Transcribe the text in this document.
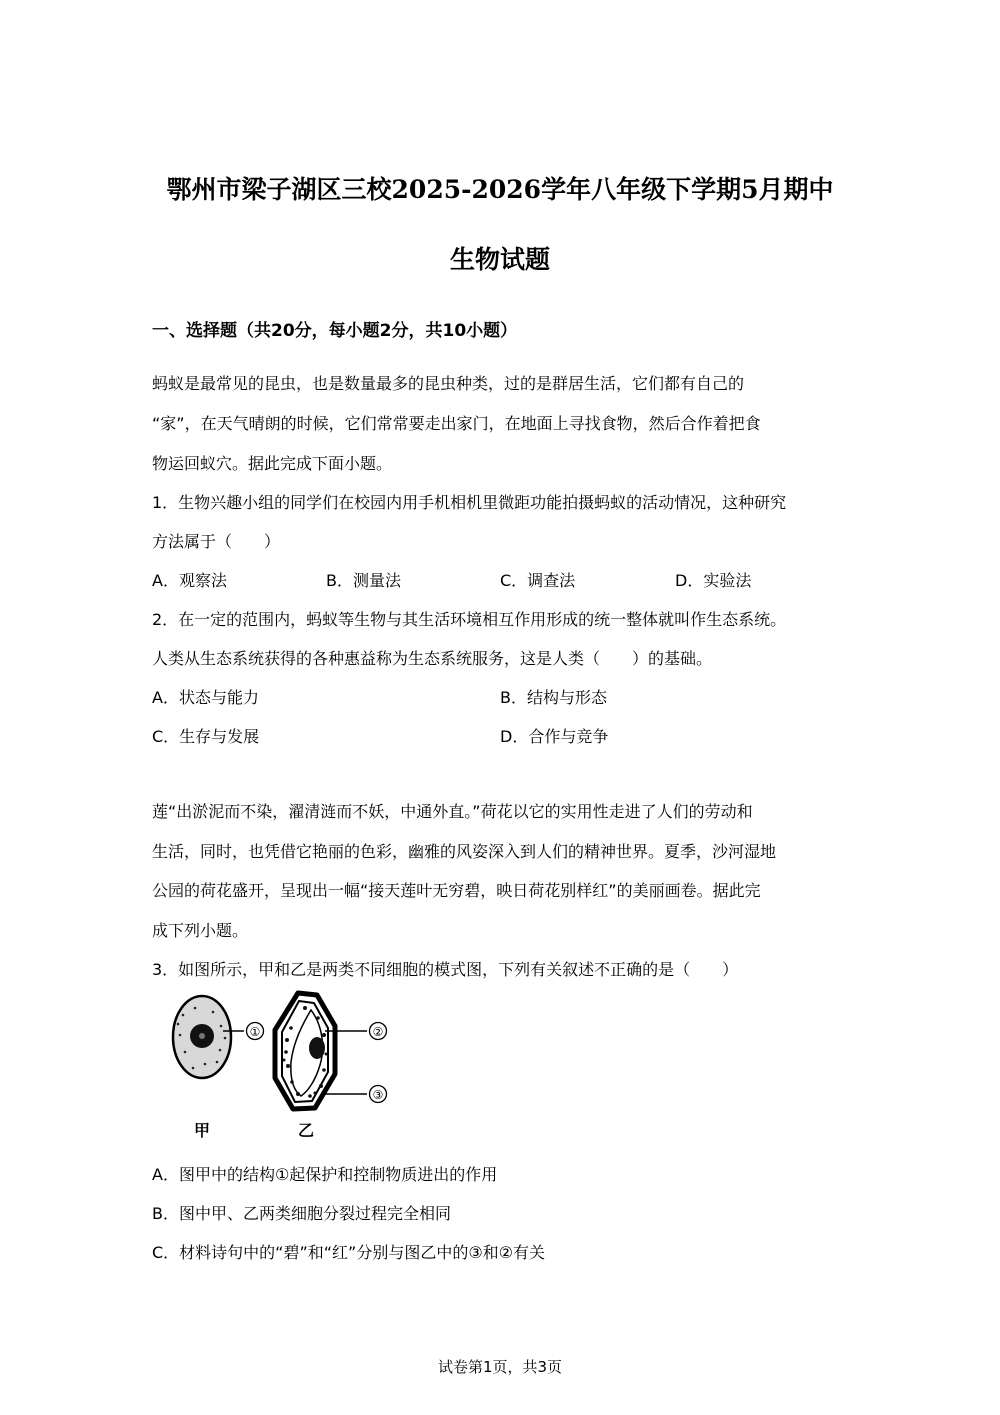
鄂州市梁子湖区三校2025-2026学年八年级下学期5月期中
生物试题
一、选择题（共20分，每小题2分，共10小题）
蚂蚁是最常见的昆虫，也是数量最多的昆虫种类，过的是群居生活，它们都有自己的
“家”，在天气晴朗的时候，它们常常要走出家门，在地面上寻找食物，然后合作着把食
物运回蚁穴。据此完成下面小题。
1．生物兴趣小组的同学们在校园内用手机相机里微距功能拍摄蚂蚁的活动情况，这种研究
方法属于（　　）
A．观察法	B．测量法	C．调查法	D．实验法
2．在一定的范围内，蚂蚁等生物与其生活环境相互作用形成的统一整体就叫作生态系统。
人类从生态系统获得的各种惠益称为生态系统服务，这是人类（　　）的基础。
A．状态与能力	B．结构与形态
C．生存与发展	D．合作与竞争
莲“出淤泥而不染，濯清涟而不妖，中通外直。”荷花以它的实用性走进了人们的劳动和
生活，同时，也凭借它艳丽的色彩，幽雅的风姿深入到人们的精神世界。夏季，沙河湿地
公园的荷花盛开，呈现出一幅“接天莲叶无穷碧，映日荷花别样红”的美丽画卷。据此完
成下列小题。
3．如图所示，甲和乙是两类不同细胞的模式图，下列有关叙述不正确的是（　　）
①
甲
②
③
乙
A．图甲中的结构①起保护和控制物质进出的作用
B．图中甲、乙两类细胞分裂过程完全相同
C．材料诗句中的“碧”和“红”分别与图乙中的③和②有关
试卷第1页，共3页
